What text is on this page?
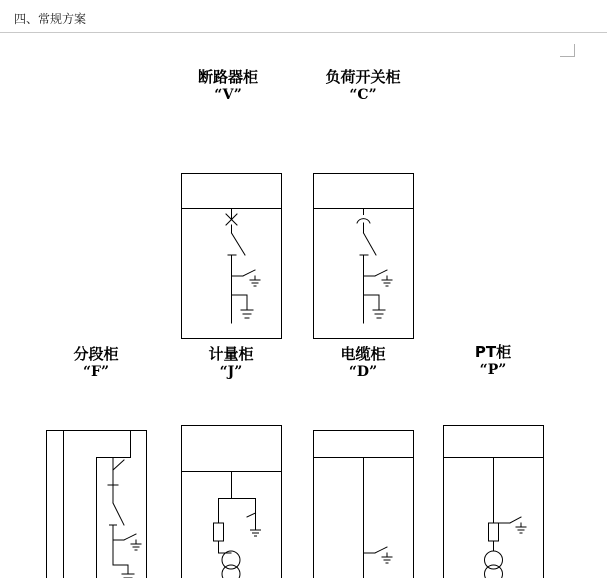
四、常规方案
断路器柜
“V”
负荷开关柜
“C”
分段柜
“F”
计量柜
“J”
电缆柜
“D”
PT柜
“P”
